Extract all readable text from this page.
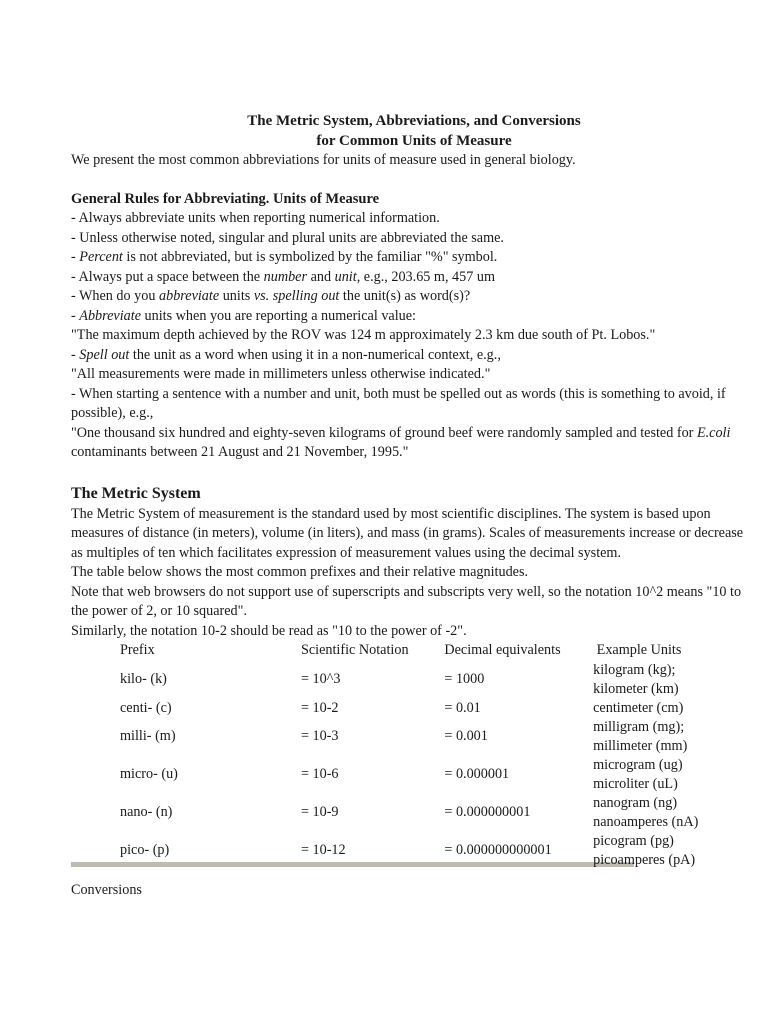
The Metric System, Abbreviations, and Conversions
for Common Units of Measure

We present the most common abbreviations for units of measure used in general biology.

General Rules for Abbreviating. Units of Measure

- Always abbreviate units when reporting numerical information.

- Unless otherwise noted, singular and plural units are abbreviated the same.

- Percent is not abbreviated, but is symbolized by the familiar "%" symbol.

- Always put a space between the number and unit, e.g., 203.65 m, 457 um

- When do you abbreviate units vs. spelling out the unit(s) as word(s)?

- Abbreviate units when you are reporting a numerical value:

"The maximum depth achieved by the ROV was 124 m approximately 2.3 km due south of Pt. Lobos."

- Spell out the unit as a word when using it in a non-numerical context, e.g.,

"All measurements were made in millimeters unless otherwise indicated."

- When starting a sentence with a number and unit, both must be spelled out as words (this is something to avoid, if possible), e.g.,

"One thousand six hundred and eighty-seven kilograms of ground beef were randomly sampled and tested for E.coli contaminants between 21 August and 21 November, 1995."

The Metric System

The Metric System of measurement is the standard used by most scientific disciplines. The system is based upon measures of distance (in meters), volume (in liters), and mass (in grams). Scales of measurements increase or decrease as multiples of ten which facilitates expression of measurement values using the decimal system.

The table below shows the most common prefixes and their relative magnitudes.

Note that web browsers do not support use of superscripts and subscripts very well, so the notation 10^2 means "10 to the power of 2, or 10 squared".

Similarly, the notation 10-2 should be read as "10 to the power of -2".

Prefix	Scientific Notation	Decimal equivalents	Example Units
kilo- (k)	= 10^3	= 1000	kilogram (kg);
kilometer (km)

centi- (c)	= 10-2	= 0.01	centimeter (cm)

milli- (m)	= 10-3	= 0.001	milligram (mg);
millimeter (mm)

micro- (u)	= 10-6	= 0.000001	microgram (ug)
microliter (uL)

nano- (n)	= 10-9	= 0.000000001	nanogram (ng)
nanoamperes (nA)

pico- (p)	= 10-12	= 0.000000000001	picogram (pg)
picoamperes (pA)

Conversions
